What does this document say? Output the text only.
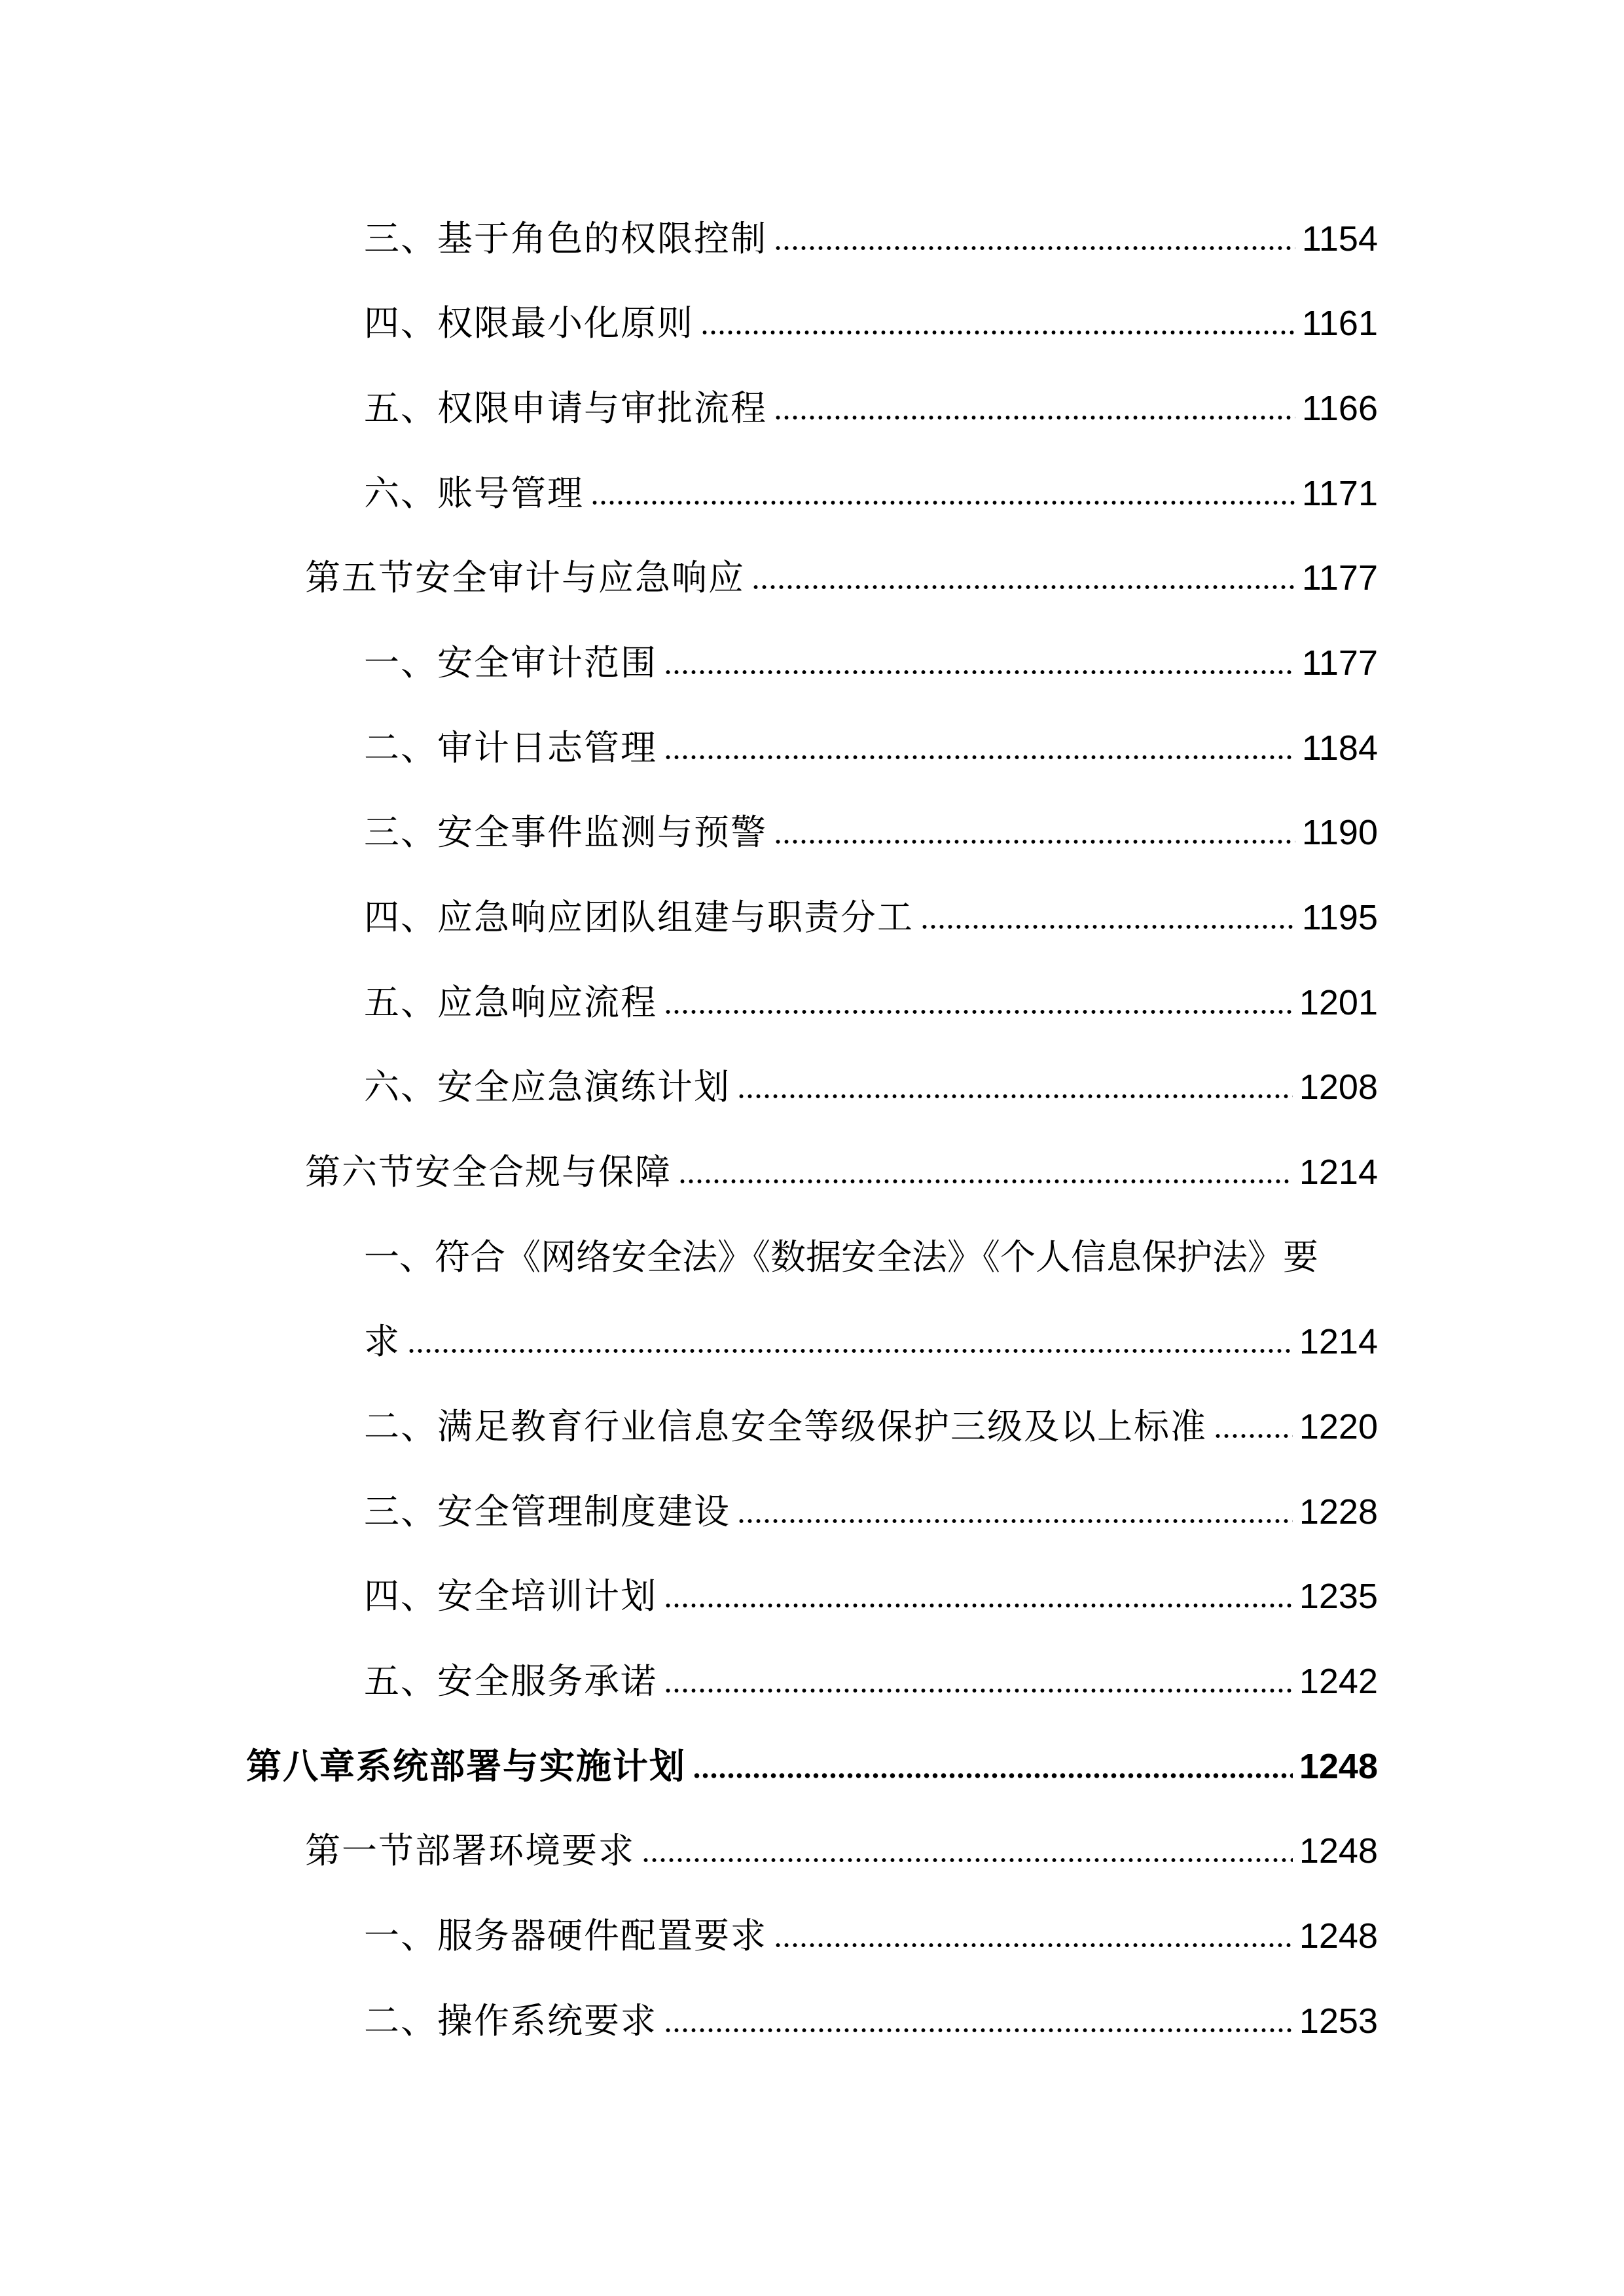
三、基于角色的权限控制	1154
四、权限最小化原则	1161
五、权限申请与审批流程	1166
六、账号管理	1171
第五节安全审计与应急响应	1177
一、安全审计范围	1177
二、审计日志管理	1184
三、安全事件监测与预警	1190
四、应急响应团队组建与职责分工	1195
五、应急响应流程	1201
六、安全应急演练计划	1208
第六节安全合规与保障	1214
一、符合《网络安全法》《数据安全法》《个人信息保护法》要
求	1214
二、满足教育行业信息安全等级保护三级及以上标准	1220
三、安全管理制度建设	1228
四、安全培训计划	1235
五、安全服务承诺	1242
第八章系统部署与实施计划	1248
第一节部署环境要求	1248
一、服务器硬件配置要求	1248
二、操作系统要求	1253
